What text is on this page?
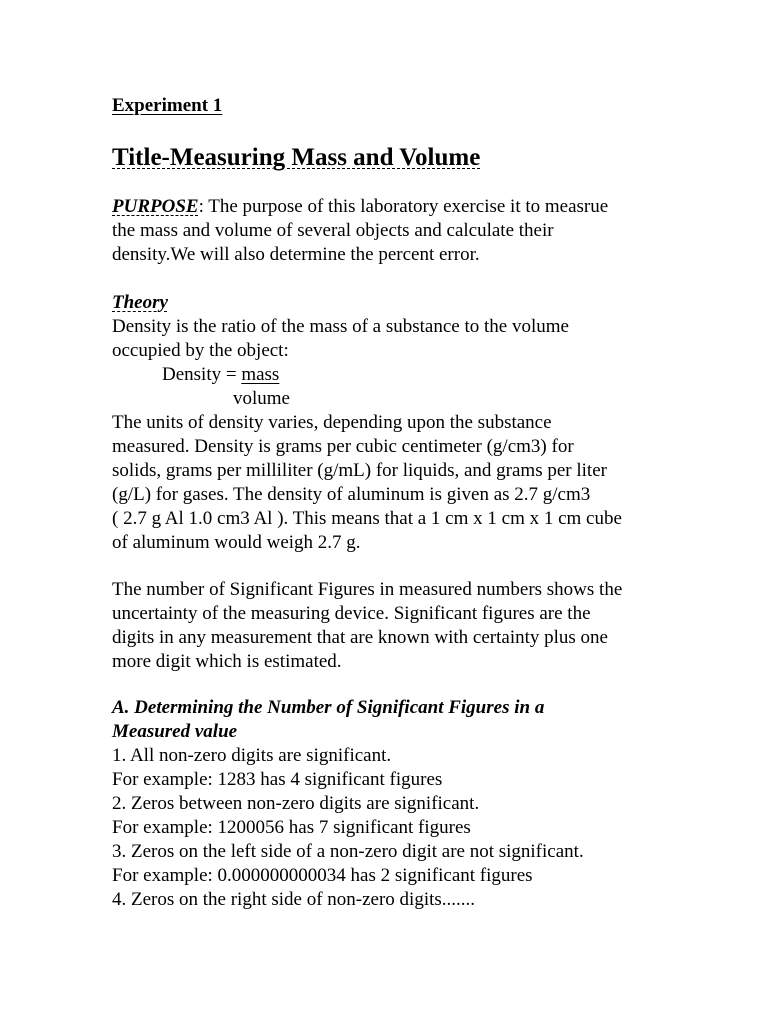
Experiment 1
Title-Measuring Mass and Volume
PURPOSE: The purpose of this laboratory exercise it to measrue
the mass and volume of several objects and calculate their
density.We will also determine the percent error.
Theory
Density is the ratio of the mass of a substance to the volume
occupied by the object:
Density = mass
volume
The units of density varies, depending upon the substance
measured. Density is grams per cubic centimeter (g/cm3) for
solids, grams per milliliter (g/mL) for liquids, and grams per liter
(g/L) for gases. The density of aluminum is given as 2.7 g/cm3
( 2.7 g Al 1.0 cm3 Al ). This means that a 1 cm x 1 cm x 1 cm cube
of aluminum would weigh 2.7 g.
The number of Significant Figures in measured numbers shows the
uncertainty of the measuring device. Significant figures are the
digits in any measurement that are known with certainty plus one
more digit which is estimated.
A. Determining the Number of Significant Figures in a
Measured value
1. All non-zero digits are significant.
For example: 1283 has 4 significant figures
2. Zeros between non-zero digits are significant.
For example: 1200056 has 7 significant figures
3. Zeros on the left side of a non-zero digit are not significant.
For example: 0.000000000034 has 2 significant figures
4. Zeros on the right side of non-zero digits.......
